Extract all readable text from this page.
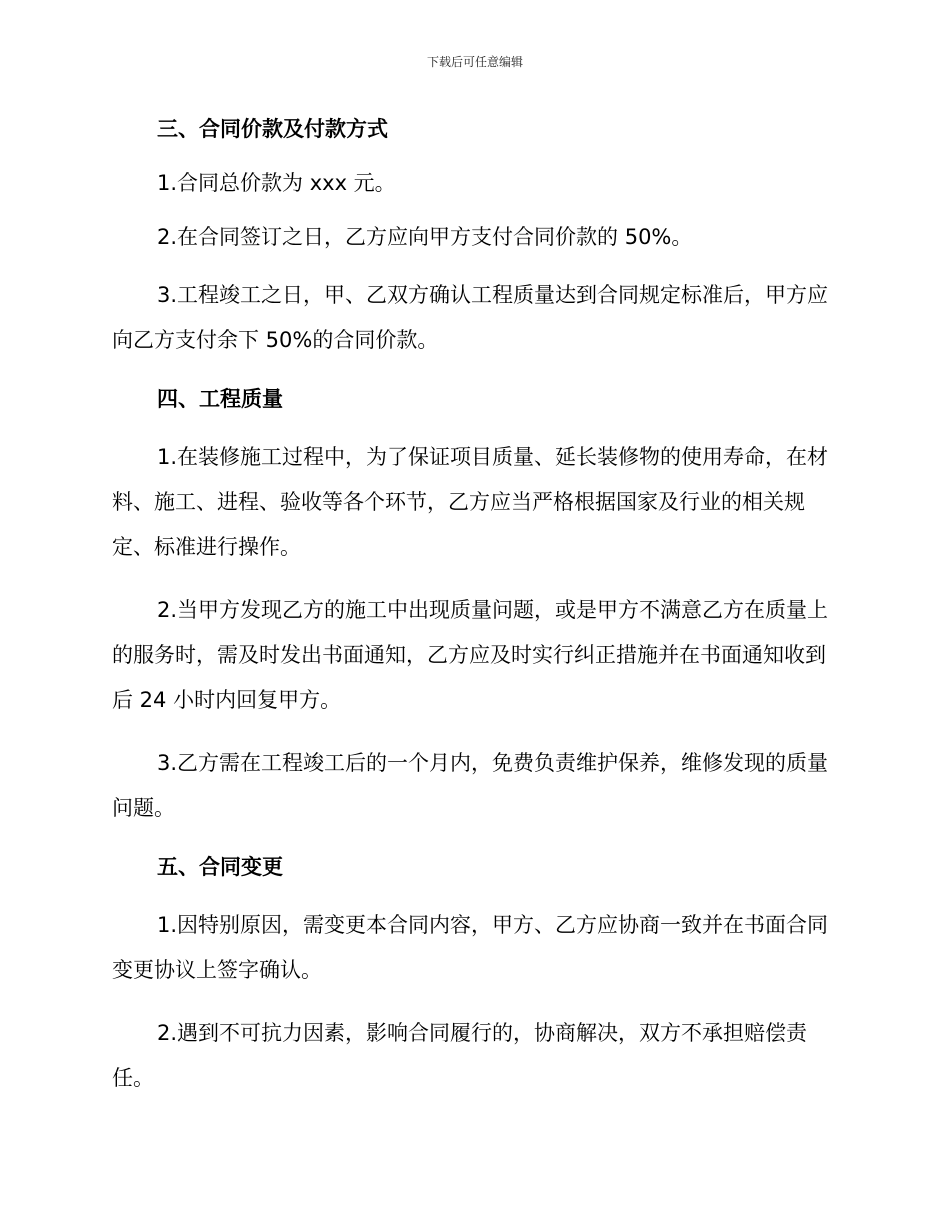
下载后可任意编辑
三、合同价款及付款方式
1.合同总价款为 xxx 元。
2.在合同签订之日，乙方应向甲方支付合同价款的 50%。
3.工程竣工之日，甲、乙双方确认工程质量达到合同规定标准后，甲方应向乙方支付余下 50%的合同价款。
四、工程质量
1.在装修施工过程中，为了保证项目质量、延长装修物的使用寿命，在材料、施工、进程、验收等各个环节，乙方应当严格根据国家及行业的相关规定、标准进行操作。
2.当甲方发现乙方的施工中出现质量问题，或是甲方不满意乙方在质量上的服务时，需及时发出书面通知，乙方应及时实行纠正措施并在书面通知收到后 24 小时内回复甲方。
3.乙方需在工程竣工后的一个月内，免费负责维护保养，维修发现的质量问题。
五、合同变更
1.因特别原因，需变更本合同内容，甲方、乙方应协商一致并在书面合同变更协议上签字确认。
2.遇到不可抗力因素，影响合同履行的，协商解决，双方不承担赔偿责任。
